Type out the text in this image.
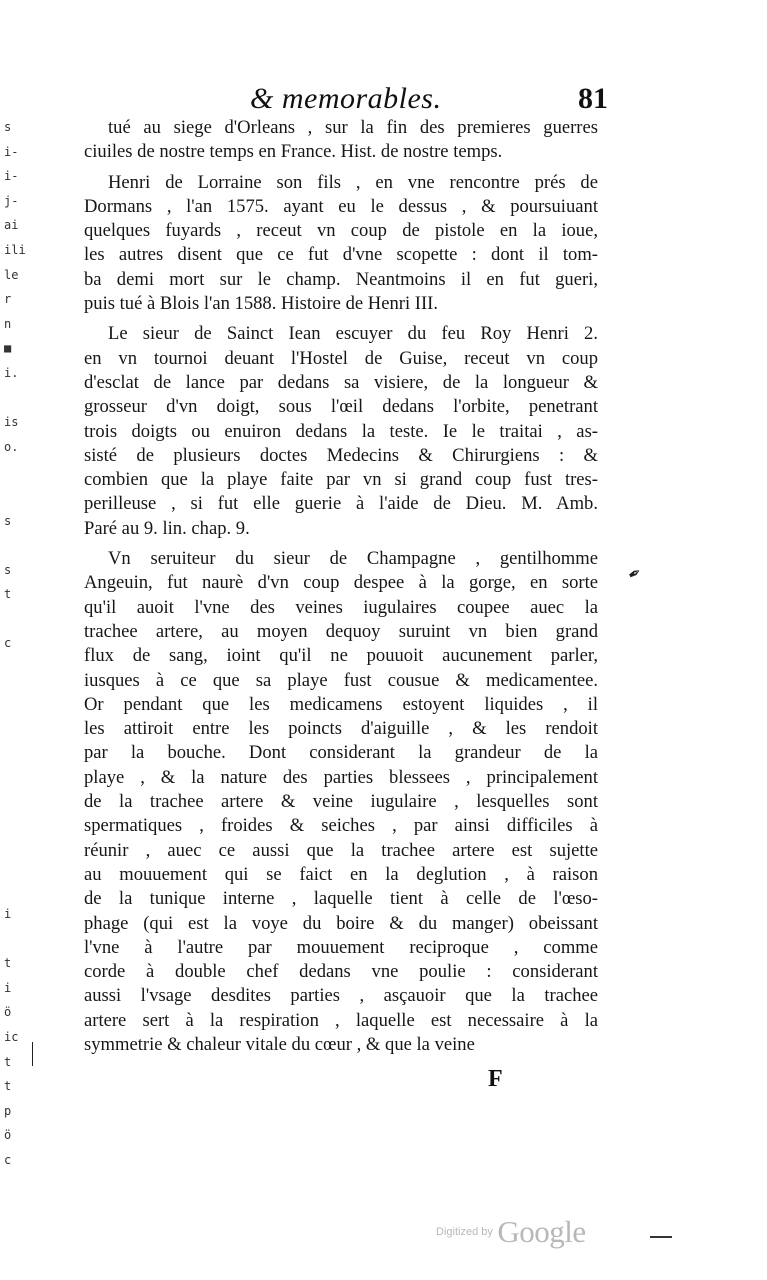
s
i-
i-
j-
ai
ili
le
r
n
■
i.
is
o.
s
s
t
c
i
t
i
ö
ic
t
t
p
ö
c
& memorables.	81
tué au siege d'Orleans , sur la fin des premieres guerres
ciuiles de nostre temps en France. Hist. de nostre temps.
Henri de Lorraine son fils , en vne rencontre prés de
Dormans , l'an 1575. ayant eu le dessus , & poursuiuant
quelques fuyards , receut vn coup de pistole en la ioue,
les autres disent que ce fut d'vne scopette : dont il tom-
ba demi mort sur le champ. Neantmoins il en fut gueri,
puis tué à Blois l'an 1588. Histoire de Henri III.
Le sieur de Sainct Iean escuyer du feu Roy Henri 2.
en vn tournoi deuant l'Hostel de Guise, receut vn coup
d'esclat de lance par dedans sa visiere, de la longueur &
grosseur d'vn doigt, sous l'œil dedans l'orbite, penetrant
trois doigts ou enuiron dedans la teste. Ie le traitai , as-
sisté de plusieurs doctes Medecins & Chirurgiens : &
combien que la playe faite par vn si grand coup fust tres-
perilleuse , si fut elle guerie à l'aide de Dieu. M. Amb.
Paré au 9. lin. chap. 9.
Vn seruiteur du sieur de Champagne , gentilhomme
Angeuin, fut naurè d'vn coup despee à la gorge, en sorte
qu'il auoit l'vne des veines iugulaires coupee auec la
trachee artere, au moyen dequoy suruint vn bien grand
flux de sang, ioint qu'il ne pouuoit aucunement parler,
iusques à ce que sa playe fust cousue & medicamentee.
Or pendant que les medicamens estoyent liquides , il
les attiroit entre les poincts d'aiguille , & les rendoit
par la bouche. Dont considerant la grandeur de la
playe , & la nature des parties blessees , principalement
de la trachee artere & veine iugulaire , lesquelles sont
spermatiques , froides & seiches , par ainsi difficiles à
réunir , auec ce aussi que la trachee artere est sujette
au mouuement qui se faict en la deglution , à raison
de la tunique interne , laquelle tient à celle de l'œso-
phage (qui est la voye du boire & du manger) obeissant
l'vne à l'autre par mouuement reciproque , comme
corde à double chef dedans vne poulie : considerant
aussi l'vsage desdites parties , asçauoir que la trachee
artere sert à la respiration , laquelle est necessaire à la
symmetrie & chaleur vitale du cœur , & que la veine
✒
F
Digitized by Google
